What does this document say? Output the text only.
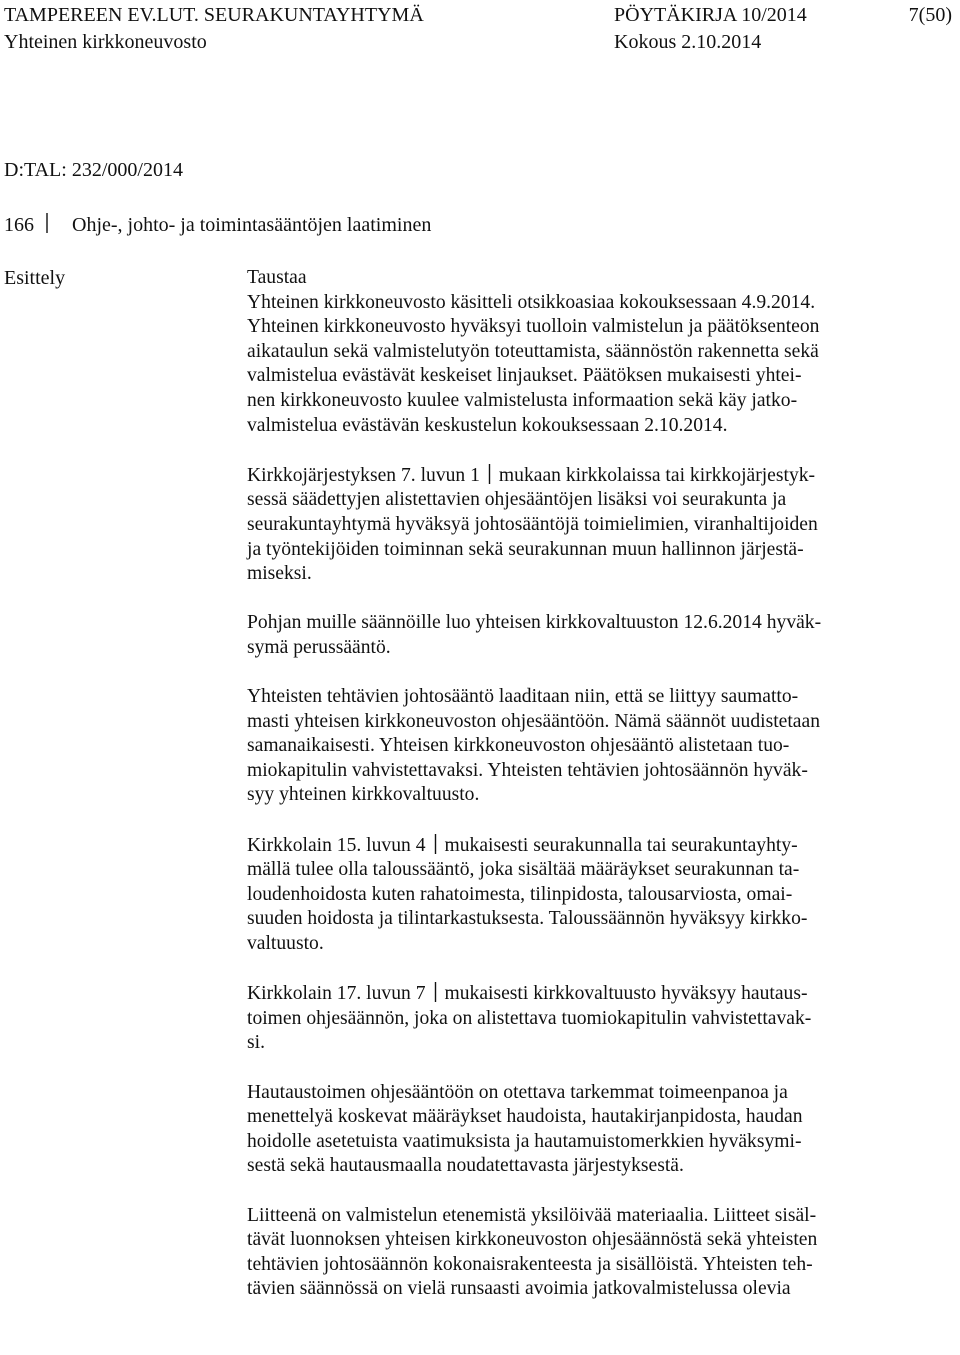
TAMPEREEN EV.LUT. SEURAKUNTAYHTYMÄ	PÖYTÄKIRJA 10/2014	7(50)
Yhteinen kirkkoneuvosto	Kokous 2.10.2014
D:TAL: 232/000/2014
166 Ohje-, johto- ja toimintasääntöjen laatiminen
Esittely	Taustaa
Yhteinen kirkkoneuvosto käsitteli otsikkoasiaa kokouksessaan 4.9.2014.
Yhteinen kirkkoneuvosto hyväksyi tuolloin valmistelun ja päätöksenteon
aikataulun sekä valmistelutyön toteuttamista, säännöstön rakennetta sekä
valmistelua evästävät keskeiset linjaukset. Päätöksen mukaisesti yhtei-
nen kirkkoneuvosto kuulee valmistelusta informaation sekä käy jatko-
valmistelua evästävän keskustelun kokouksessaan 2.10.2014.

Kirkkojärjestyksen 7. luvun 1 mukaan kirkkolaissa tai kirkkojärjestyk-
sessä säädettyjen alistettavien ohjesääntöjen lisäksi voi seurakunta ja
seurakuntayhtymä hyväksyä johtosääntöjä toimielimien, viranhaltijoiden
ja työntekijöiden toiminnan sekä seurakunnan muun hallinnon järjestä-
miseksi.

Pohjan muille säännöille luo yhteisen kirkkovaltuuston 12.6.2014 hyväk-
symä perussääntö.

Yhteisten tehtävien johtosääntö laaditaan niin, että se liittyy saumatto-
masti yhteisen kirkkoneuvoston ohjesääntöön. Nämä säännöt uudistetaan
samanaikaisesti. Yhteisen kirkkoneuvoston ohjesääntö alistetaan tuo-
miokapitulin vahvistettavaksi. Yhteisten tehtävien johtosäännön hyväk-
syy yhteinen kirkkovaltuusto.

Kirkkolain 15. luvun 4 mukaisesti seurakunnalla tai seurakuntayhty-
mällä tulee olla taloussääntö, joka sisältää määräykset seurakunnan ta-
loudenhoidosta kuten rahatoimesta, tilinpidosta, talousarviosta, omai-
suuden hoidosta ja tilintarkastuksesta. Taloussäännön hyväksyy kirkko-
valtuusto.

Kirkkolain 17. luvun 7 mukaisesti kirkkovaltuusto hyväksyy hautaus-
toimen ohjesäännön, joka on alistettava tuomiokapitulin vahvistettavak-
si.

Hautaustoimen ohjesääntöön on otettava tarkemmat toimeenpanoa ja
menettelyä koskevat määräykset haudoista, hautakirjanpidosta, haudan
hoidolle asetetuista vaatimuksista ja hautamuistomerkkien hyväksymi-
sestä sekä hautausmaalla noudatettavasta järjestyksestä.

Liitteenä on valmistelun etenemistä yksilöivää materiaalia. Liitteet sisäl-
tävät luonnoksen yhteisen kirkkoneuvoston ohjesäännöstä sekä yhteisten
tehtävien johtosäännön kokonaisrakenteesta ja sisällöistä. Yhteisten teh-
tävien säännössä on vielä runsaasti avoimia jatkovalmistelussa olevia
